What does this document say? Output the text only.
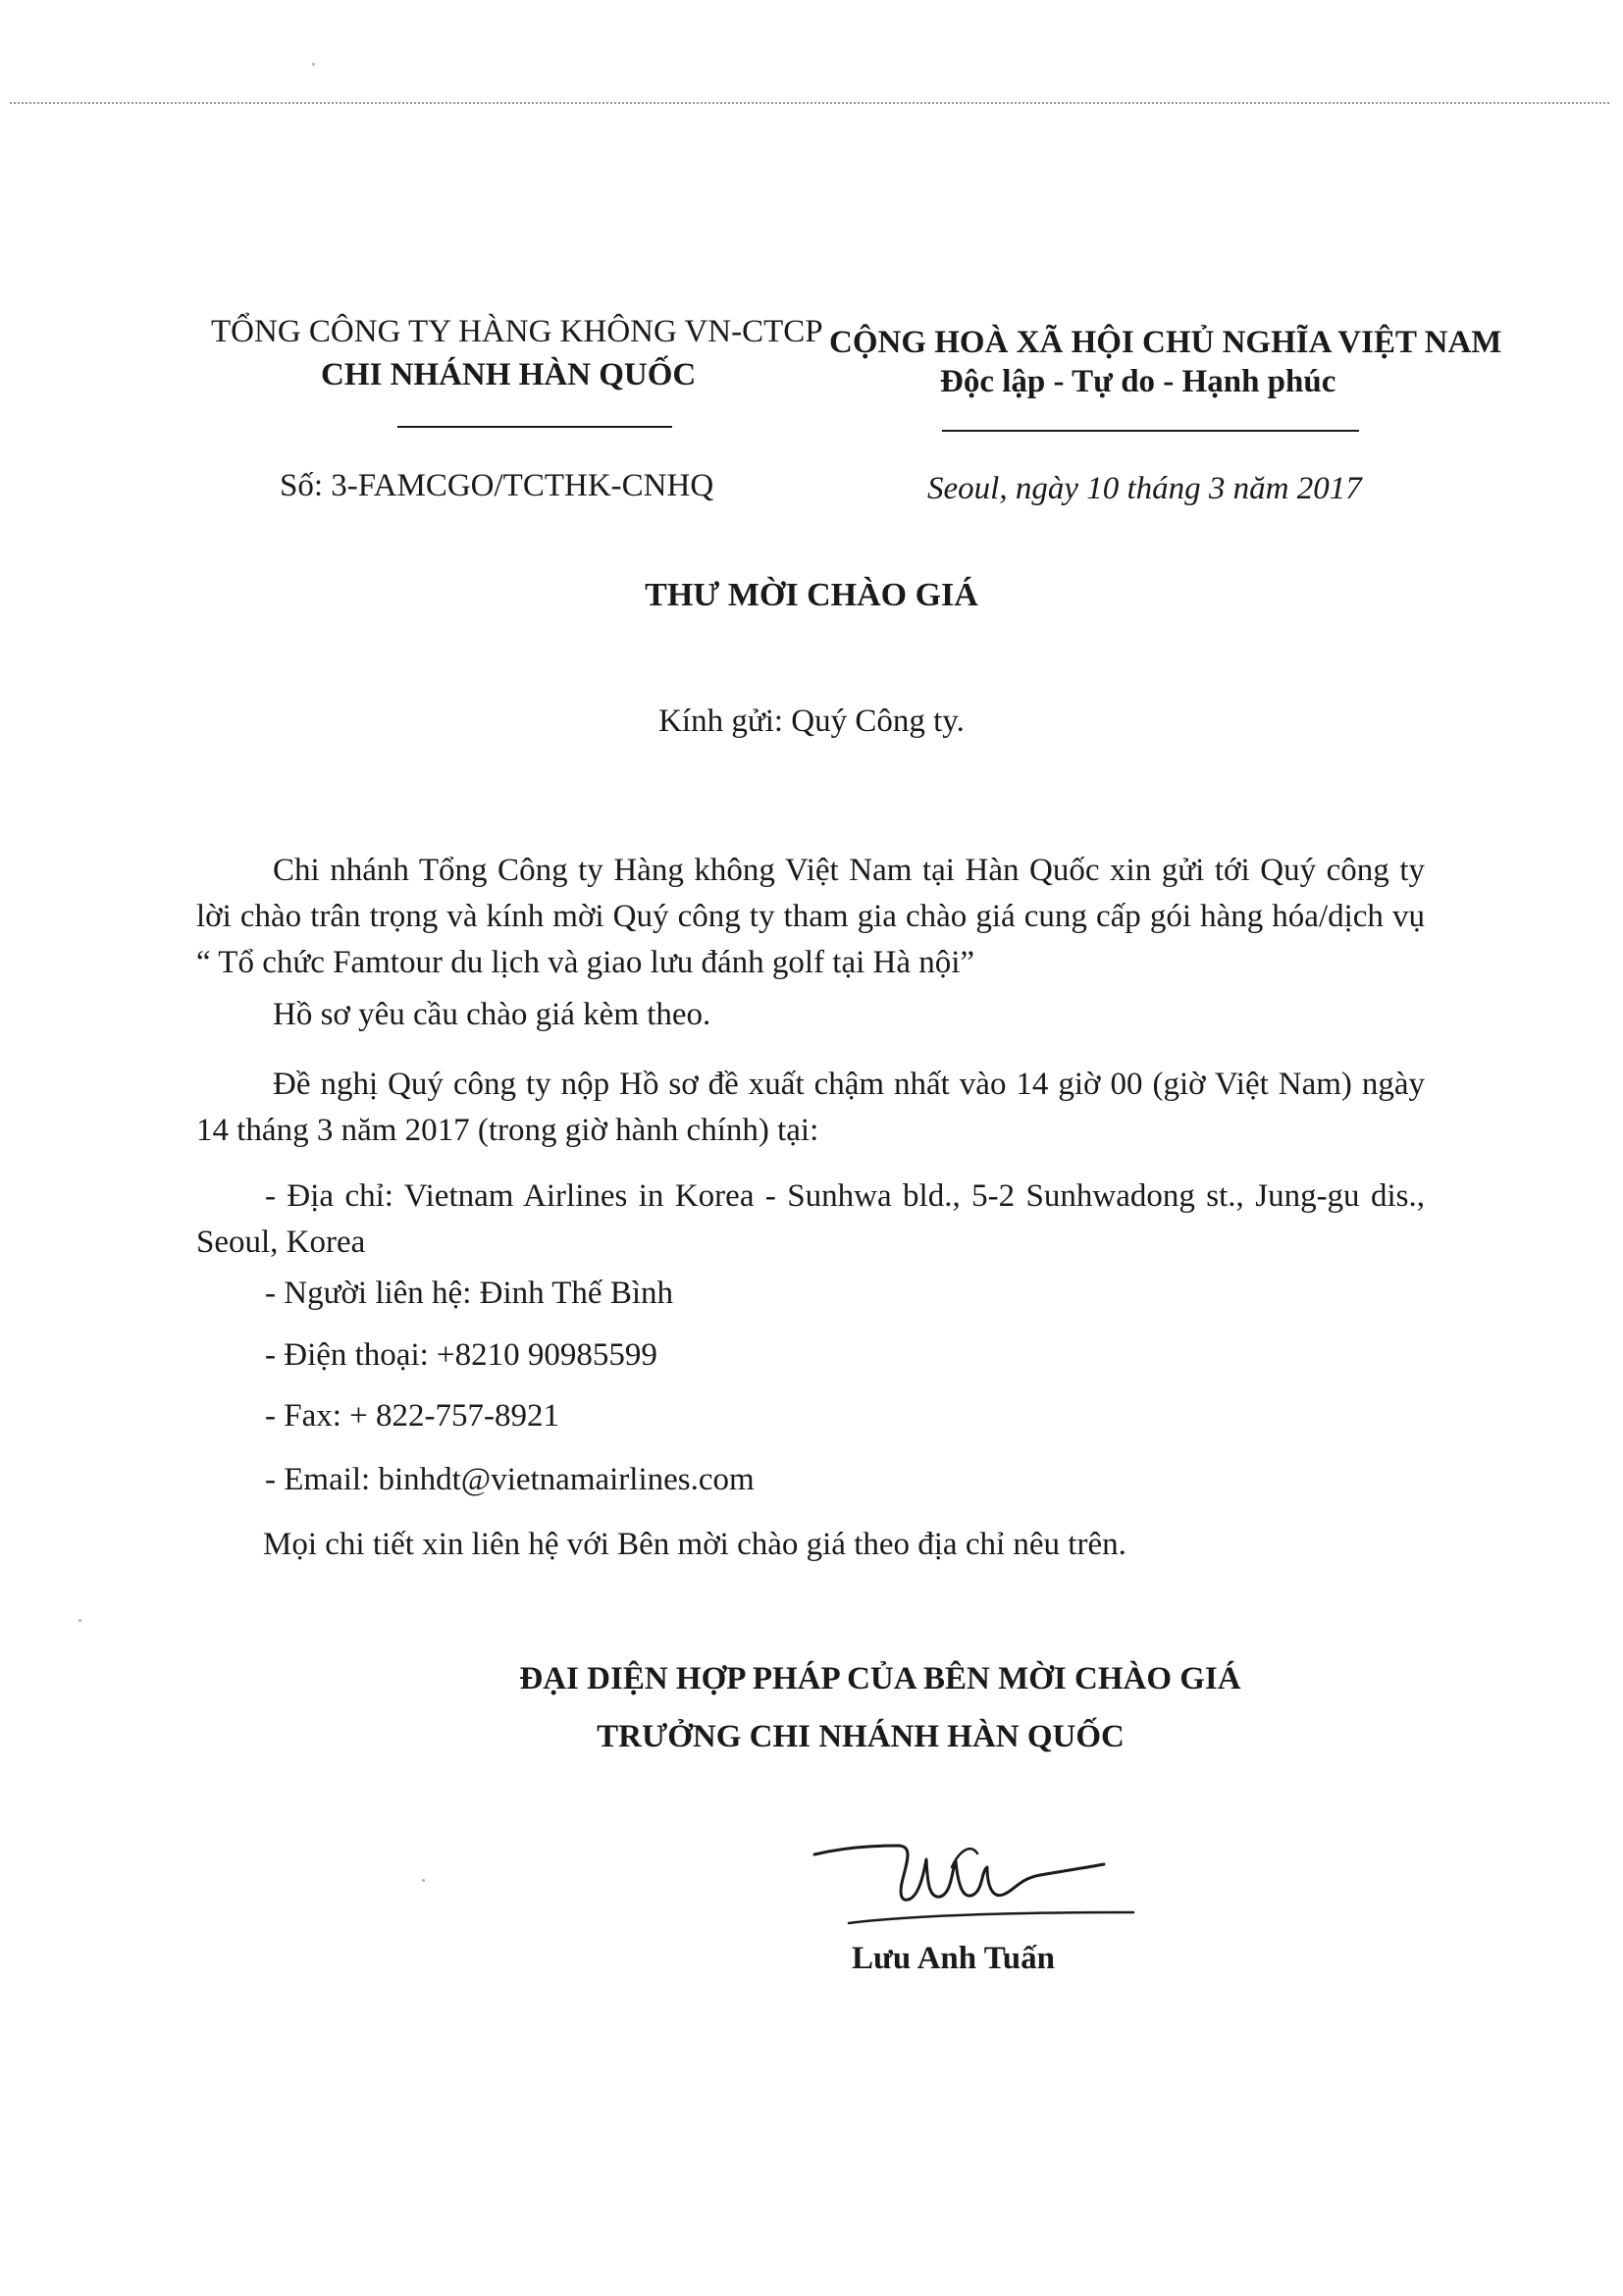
TỔNG CÔNG TY HÀNG KHÔNG VN-CTCP
CHI NHÁNH HÀN QUỐC
Số: 3-FAMCGO/TCTHK-CNHQ
CỘNG HOÀ XÃ HỘI CHỦ NGHĨA VIỆT NAM
Độc lập - Tự do - Hạnh phúc
Seoul, ngày 10 tháng 3 năm 2017
THƯ MỜI CHÀO GIÁ
Kính gửi: Quý Công ty.
Chi nhánh Tổng Công ty Hàng không Việt Nam tại Hàn Quốc xin gửi tới Quý công ty lời chào trân trọng và kính mời Quý công ty tham gia chào giá cung cấp gói hàng hóa/dịch vụ “ Tổ chức Famtour du lịch và giao lưu đánh golf tại Hà nội”
Hồ sơ yêu cầu chào giá kèm theo.
Đề nghị Quý công ty nộp Hồ sơ đề xuất chậm nhất vào 14 giờ 00 (giờ Việt Nam) ngày 14 tháng 3 năm 2017 (trong giờ hành chính) tại:
- Địa chỉ: Vietnam Airlines in Korea - Sunhwa bld., 5-2 Sunhwadong st., Jung-gu dis., Seoul, Korea
- Người liên hệ: Đinh Thế Bình
- Điện thoại: +8210 90985599
- Fax: + 822-757-8921
- Email: binhdt@vietnamairlines.com
Mọi chi tiết xin liên hệ với Bên mời chào giá theo địa chỉ nêu trên.
ĐẠI DIỆN HỢP PHÁP CỦA BÊN MỜI CHÀO GIÁ
TRƯỞNG CHI NHÁNH HÀN QUỐC
Lưu Anh Tuấn
